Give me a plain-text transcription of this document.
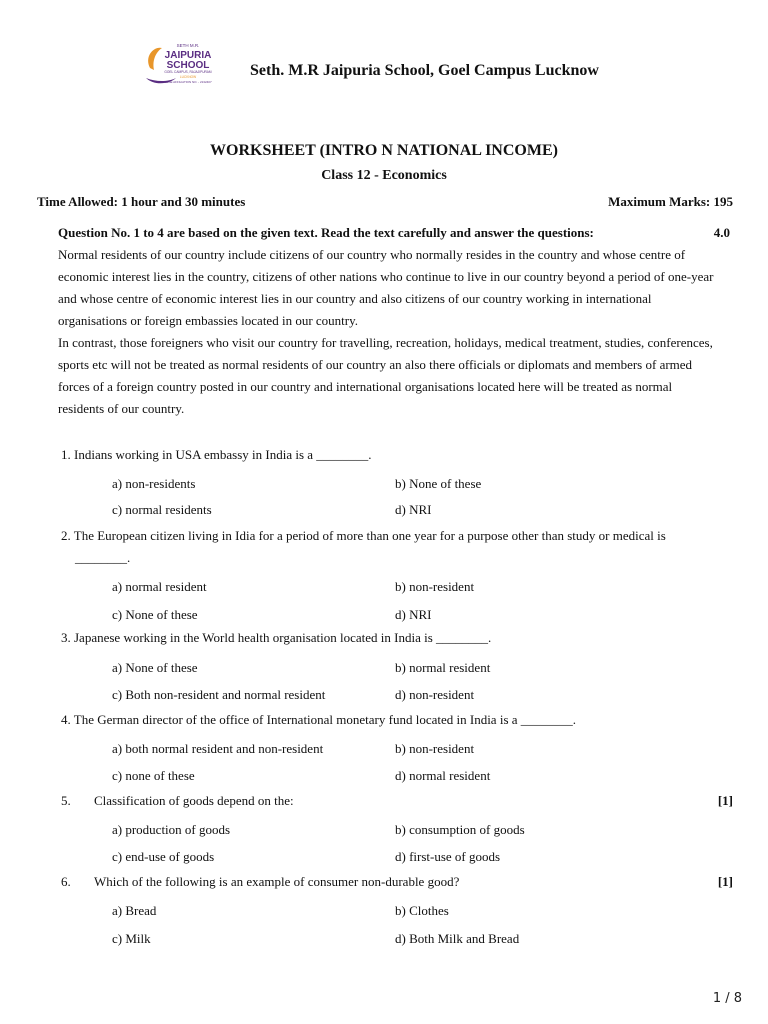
SETH M.R.
JAIPURIA
SCHOOL
GOEL CAMPUS, RAJAJIPURAM
LUCKNOW
CBSE AFFILIATION NO. - 2132407
Seth. M.R Jaipuria School, Goel Campus Lucknow
WORKSHEET (INTRO N NATIONAL INCOME)
Class 12 - Economics
Time Allowed: 1 hour and 30 minutes	Maximum Marks: 195
Question No. 1 to 4 are based on the given text. Read the text carefully and answer the questions:	4.0

Normal residents of our country include citizens of our country who normally resides in the country and whose centre of economic interest lies in the country, citizens of other nations who continue to live in our country beyond a period of one-year and whose centre of economic interest lies in our country and also citizens of our country working in international organisations or foreign embassies located in our country.

In contrast, those foreigners who visit our country for travelling, recreation, holidays, medical treatment, studies, conferences, sports etc will not be treated as normal residents of our country an also there officials or diplomats and members of armed forces of a foreign country posted in our country and international organisations located here will be treated as normal residents of our country.

1. Indians working in USA embassy in India is a ________.
a) non-residents	b) None of these
c) normal residents	d) NRI
2. The European citizen living in Idia for a period of more than one year for a purpose other than study or medical is
________.
a) normal resident	b) non-resident
c) None of these	d) NRI
3. Japanese working in the World health organisation located in India is ________.
a) None of these	b) normal resident
c) Both non-resident and normal resident	d) non-resident
4. The German director of the office of International monetary fund located in India is a ________.
a) both normal resident and non-resident	b) non-resident
c) none of these	d) normal resident
5. Classification of goods depend on the:	[1]
a) production of goods	b) consumption of goods
c) end-use of goods	d) first-use of goods
6. Which of the following is an example of consumer non-durable good?	[1]
a) Bread	b) Clothes
c) Milk	d) Both Milk and Bread
1 / 8
